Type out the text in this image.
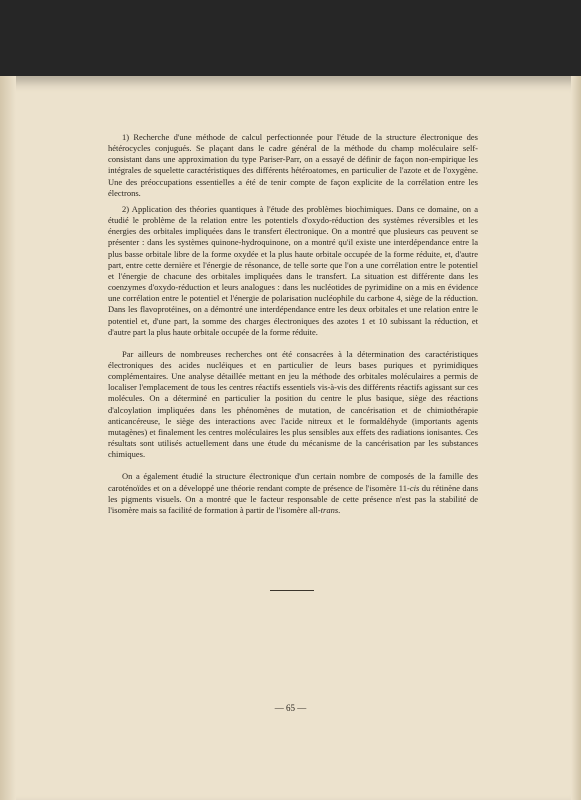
1) Recherche d'une méthode de calcul perfectionnée pour l'étude de la structure électronique des hétérocycles conjugués. Se plaçant dans le cadre général de la méthode du champ moléculaire self-consistant dans une approximation du type Pariser-Parr, on a essayé de définir de façon non-empirique les intégrales de squelette caractéristiques des différents hétéroatomes, en particulier de l'azote et de l'oxygène. Une des préoccupations essentielles a été de tenir compte de façon explicite de la corrélation entre les électrons.

2) Application des théories quantiques à l'étude des problèmes biochimiques. Dans ce domaine, on a étudié le problème de la relation entre les potentiels d'oxydo-réduction des systèmes réversibles et les énergies des orbitales impliquées dans le transfert électronique. On a montré que plusieurs cas peuvent se présenter : dans les systèmes quinone-hydroquinone, on a montré qu'il existe une interdépendance entre la plus basse orbitale libre de la forme oxydée et la plus haute orbitale occupée de la forme réduite, et, d'autre part, entre cette dernière et l'énergie de résonance, de telle sorte que l'on a une corrélation entre le potentiel et l'énergie de chacune des orbitales impliquées dans le transfert. La situation est différente dans les coenzymes d'oxydo-réduction et leurs analogues : dans les nucléotides de pyrimidine on a mis en évidence une corrélation entre le potentiel et l'énergie de polarisation nucléophile du carbone 4, siège de la réduction. Dans les flavoprotéines, on a démontré une interdépendance entre les deux orbitales et une relation entre le potentiel et, d'une part, la somme des charges électroniques des azotes 1 et 10 subissant la réduction, et d'autre part la plus haute orbitale occupée de la forme réduite.

Par ailleurs de nombreuses recherches ont été consacrées à la détermination des caractéristiques électroniques des acides nucléiques et en particulier de leurs bases puriques et pyrimidiques complémentaires. Une analyse détaillée mettant en jeu la méthode des orbitales moléculaires a permis de localiser l'emplacement de tous les centres réactifs essentiels vis-à-vis des différents réactifs agissant sur ces molécules. On a déterminé en particulier la position du centre le plus basique, siège des réactions d'alcoylation impliquées dans les phénomènes de mutation, de cancérisation et de chimiothérapie anticancéreuse, le siège des interactions avec l'acide nitreux et le formaldéhyde (importants agents mutagènes) et finalement les centres moléculaires les plus sensibles aux effets des radiations ionisantes. Ces résultats sont utilisés actuellement dans une étude du mécanisme de la cancérisation par les substances chimiques.

On a également étudié la structure électronique d'un certain nombre de composés de la famille des caroténoïdes et on a développé une théorie rendant compte de présence de l'isomère 11-cis du rétinène dans les pigments visuels. On a montré que le facteur responsable de cette présence n'est pas la stabilité de l'isomère mais sa facilité de formation à partir de l'isomère all-trans.

— 65 —
